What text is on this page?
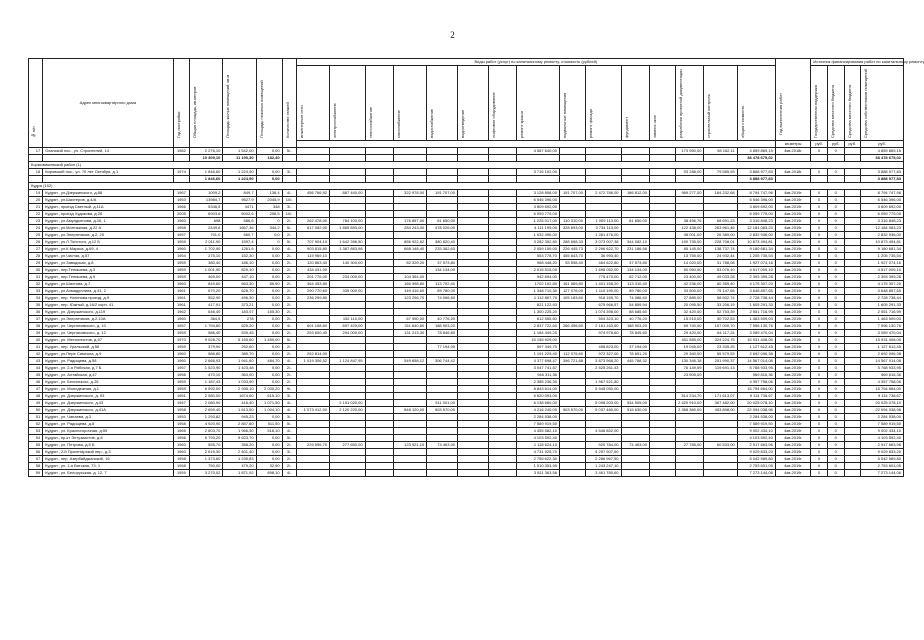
2
№ п/п	Адрес многоквартирного дома	Год постройки	Общая площадь, кв.метров	Площадь жилых помещений, кв.м	Площадь нежилых помещений	Количество этажей	Виды работ (услуг) по капитальному ремонту, стоимость (рублей)															Год выполнения работ	Источник финансирования работ по капитальному ремонту			

							инженерные сети	электроснабжение	теплоснабжение	газоснабжение	водоснабжение	водоотведение	лифтовое оборудование	ремонт крыши	подвальные помещения	ремонт фасада	фундамент	замена окон	разработка проектной документации	строительный контроль	общая стоимость		Государственная поддержка	Средства местного бюджета	Средства местного бюджета	Средства собственников помещений

																						кв.метры	руб.	руб.	руб.	руб.
17	Оханский пос., ул. Строителей, 14	1982	2 276,10	1 542,00	0,00	5/-								4 587 640,00					173 950,00	98 162,11	4 859 869,15	4кв.2018г	0	0		4 859 869,15
			10 309,10	11 190,30	182,40																38 478 675,02					38 478 675,02
Кормовишевский район (1)																										
18	Кировский пос., ул. 70 лет Октября, д.1	1974	1 846,60	1 224,90	0,00	3/-								3 715 102,00					93 288,00	79 585,93	3 888 977,83	4кв.2018г	0	0		3 888 977,83
			1 846,60	1 224,90	0,00																3 888 977,83					3 888 977,83
Кудра (152)																										
19	Кудрят., ул.Дзержинского, д.88	1967	1009,2	849,7	136,4	4/-	456 766,92	887 440,00		322 978,00	191 707,00			3 128 858,00	191 707,00	2 472 786,00	186 812,00		969 277,00	184 232,68	8 794 747,96	4кв.2019г	0	0		8 794 747,96
20	Кудрят., ул.Шахтеров, д.4/А	1953	13984,7	9527,9	2045,9	10/-								6 546 396,00							6 546 396,00	4кв.2019г	0	0		6 546 396,00
21	Кудрят., проезд Светлый, д.11А	1966	5346,5	4471	348	3/-								3 809 692,00							3 809 692,00	4кв.2019г	0	0		3 809 692,00
22	Кудрят., проезд Худякова, д.28	2005	6903,6	5002,6	256,5	10/-								6 059 779,00							6 059 779,00	4кв.2019г	0	0		6 059 779,00
23	Кудрят., ул.Амундсенова, д.16, 1	1960	698	586,6	0	2/-	262 478,00	784 100,00		176 857,00	81 650,00			1 225 017,00	110 310,00	1 009 113,00	81 650,00		38 456,76	68 691,23	3 316 848,23	4кв.2019г	0	0		3 316 848,23
24	Кудрят., ул.Монтажная, д.22 А	1958	2449,6	1667,36	344,2	5/-	817 082,00	1 865 893,00		284 243,00	478 026,00			4 111 199,00	328 693,00	3 734 113,00			122 438,00	263 961,46	12 184 083,23	4кв.2019г	0	0		12 184 083,23
25	Кудрят., ул.Энергетиков, д.2, 25	1957	701,0	560,7	0,0	2/-								1 632 496,00		1 281 476,00			38 001,00	26 389,00	2 832 936,00	4кв.2019г	0	0		2 832 936,00
26	Кудрят., ул.Л.Толстого, д.12 Б	1959	2 011,90	1597,4	0	5/-	707 904,10	1 642 396,50		856 922,62	380 820,40			3 282 352,80	288 698,33	3 073 007,38	344 082,10		190 735,00	228 708,01	10 873 494,81	4кв.2019г	0	0		10 873 494,81
27	Кудрят., ул.К.Маркса, д.69, 4	1960	1 702,90	1261,6	0,00	4/-	903 815,80	1 387 863,98		668 148,40	233 362,63			2 059 159,00	226 445,73	2 296 622,70	231 186,56		85 145,00	138 737,74	9 180 681,34	4кв.2019г	0	0		9 180 681,34
28	Кудрят., ул.Чистая, д.57	1954	275,10	152,30	0,00	2/-	119 969,10							553 778,70	455 843,70	36 993,40			13 755,00	24 932,44	1 205 735,54	4кв.2019г	0	0		1 205 735,54
29	Кудрят., ул.Заводская, д.8	1959	380,40	186,10	0,00	2/-	120 863,40	140 300,00		82 329,20	37 573,80			968 448,20	53 598,40	464 622,80	37 573,80		14 020,00	31 788,08	1 927 074,16	4кв.2019г	0	0		1 927 074,16
30	Кудрят., пер.Тенишева, д.3	1959	1 001,90	829,10	0,00	2/-	434 431,00				134 134,00			2 015 515,00		1 698 052,00	134 134,00		50 050,00	53 076,10	4 517 009,10	4кв.2019г	0	0		4 517 009,10
31	Кудрят., пер.Тенишева, д.9	1959	469,00	447,10	0,00	2/-	201 776,00	234 000,00		104 364,00				942 694,00		775 470,00	62 712,00		23 400,00	49 033,28	2 393 399,28	4кв.2019г	0	0		2 393 399,28
32	Кудрят., ул.Шахтова, д.7	1960	849,60	563,30	86,90	2/-	364 453,80			166 998,80	113 792,40			1702 102,80	161 569,80	1 401 158,20	113 310,40		42 236,00	80 359,40	4 175 307,20	4кв.2019г	0	0		4 175 307,20
33	Кудрят., ул.Ахмадуллина, д.41, 2	1961	670,20	628,70	0,00	2/-	290 770,60	335 000,00		149 416,60	89 780,00			1 348 710,30	127 076,00	1 110 190,00	89 780,00		33 500,00	75 147,65	3 648 857,65	4кв.2019г	0	0		3 648 857,65
34	Кудрят., пер. Нагинова.проезд, д.9	1961	552,90	496,30	0,00	2/-	236 299,80			123 296,70	74 066,60			1 112 867,70	105 183,60	918 155,70	74 086,60		27 885,00	58 502,74	2 728 738,44	4кв.2019г	0	0		2 728 738,44
35	Кудрят., пер. Южный, д.16/2 корп. 41	1961	417,91	373,21	0,00	2/-								821 122,93		675 966,57	54 859,94		20 095,50	33 206,19	1 605 291,33	4кв.2019г	0	0		1 605 291,33
36	Кудрят., ул. Дзержинского, д.119	1962	646,40	183,07	155,30	2/-								1 300 225,20		1 074 398,00	88 685,60		32 420,00	52 753,39	2 551 716,99	4кв.2019г	0	0		2 551 716,99
37	Кудрят., ул.Энергетиков, д.2.10А	1960	364,5	278	0,00	2/-		152 110,00		67 950,00	40 776,20			612 555,60		504 323,10	40 776,20		15 215,00	30 702,53	1 463 509,03	4кв.2019г	0	0		1 463 509,03
38	Кудрят., ул. Черняховского, д. 10	1957	1 794,80	625,20	0,00	4/-	601 158,60	697 420,00		311 640,60	188 903,20			2 837 722,60	266 496,60	2 161 163,60	188 903,20		69 740,00	157 000,70	7 596 130,76	4кв.2019г	0	0		7 596 130,76
39	Кудрят., ул. Черняховского, д. 12	1959	586,40	539,45	0,00	2/-	253 600,40	294 000,00		131 213,30	78 846,60			1 184 449,20		974 978,60	78 845,60		29 420,00	64 117,24	3 089 470,04	4кв.2019г	0	0		3 089 470,04
40	Кудрят., ул. Металлистов, д.67	1970	9 028,70	5 155,60	1 450,00	5/-								15 155 929,00					451 585,00	324 224,75	15 931 408,05	4кв.2019г	0	0		15 931 408,05
41	Кудрят., пер. Уральский, д.56	1959	379,90	252,60	0,00	2/-					77 194,05			597 349,75		458 823,00	37 194,00		19 045,00	23 335,25	1 127 612,45	4кв.2019г	0	0		1 127 612,45
42	Кудрят., ул.Пере Симсона, д.9	1960	586,80	385,70	0,00	2/-	252 814,00							1 191 229,40	112 075,60	972 327,00	78 651,20		29 340,00	55 579,53	2 692 096,38	4кв.2019г	0	0		2 692 096,38
43	Кудрят., ул. Радищева, д.58	1960	2 666,93	1 941,60	484,70	4/-	1 019 306,52	1 124 847,95		549 658,12	306 744,42			4 377 698,47	396 721,88	3 873 968,20	445 788,32		130 346,18	251 990,37	14 567 014,08	4кв.2019г	0	0		14 567 014,08
44	Кудрят., ул. 2-я Рабочая, д.7 Б	1957	1 523,90	1 423,48	0,00	2/-								3 047 741,87		2 525 261,43			76 149,59	119 691,13	5 768 933,95	4кв.2019г	0	0		5 768 933,95
45	Кудрят., ул. Алтайская, д.47	1956	470,10	363,00	0,00	2/-								946 311,36					23 505,00		969 816,36	4кв.2019г	0	0		969 816,36
46	Кудрят., ул. Белинского, д.25	1959	1 187,43	1 033,90	0,00	2/-								2 385 236,30		1 967 521,80					4 357 758,06	4кв.2019г	0	0		4 357 758,06
47	Кудрят., ул. Молодежная, д.1	1959	6 992,00	2 935,10	2 000,20	9/-								8 843 614,00		5 945 050,00					15 794 664,00	4кв.2019г	0	0		15 794 664,00
48	Кудрят., ул. Дзержинского, д. 93	1951	2 580,00	1674,60	615,10	3/-								6 620 093,00					514 234,70	171 613,07	9 114 738,67	4кв.2019г	0	0		9 114 738,67
49	Кудрят., ул. Дзержинского, д.43	1947	2 080,90	416,40	1 071,50	4/-		2 151 020,00			511 001,00			6 138 660,00		5 098 203,00	534 505,00		2 420 910,00	367 482,00	20 025 078,10	4кв.2019г	0	0		20 025 078,10
50	Кудрят., ул. Дзержинского, д.41А	1958	2 659,40	1 613,50	1 004,10	4/-	1 073 412,00	2 120 220,00		848 120,00	503 570,00			4 216 240,00	503 570,00	5 037 480,00	515 630,00		2 358 360,00	453 898,00	22 094 038,98	4кв.2019г	0	0		22 094 038,98
51	Кудрят., ул. Чапаева, д.3	1953	1 293,82	945,23	0,00	3/-								2 284 538,00							2 284 538,00	4кв.2019г	0	0		2 284 538,00
52	Кудрят., ул. Радищева, д.8	1958	4 920,90	2 857,60	511,50	5/-								7 589 919,50							7 589 919,50	4кв.2019г	0	0		7 589 919,50
53	Кудрят., ул. Красногорочная, д.59	1965	2 603,70	1 966,30	516,10	4/-								4 455 582,10		4 546 852,00					9 002 434,10	4кв.2019г	0	0		9 002 434,10
54	Кудрят., пр-кт Энтузиастов, д.8	1956	6 793,20	5 623,70	0,00	5/-								4 103 592,40							4 103 592,40	4кв.2019г	0	0		4 103 592,40
55	Кудрят., ул. Петрова, д.5 Б	1960	555,70	358,20	0,00	2/-	229 596,70	277 650,00		123 921,10	74 463,00			1 118 624,10		920 784,00	74 463,00		27 785,00	60 533,00	2 917 663,96	4кв.2019г	0	0		2 917 663,96
56	Кудрят., 2-й Пролетарский пер., д.3	1960	2 619,30	2 401,40	0,00	3/-								4 731 925,70		4 297 907,50					9 029 833,20	4кв.2019г	0	0		9 029 833,20
57	Кудрят., пер. Азербайджанский, 16	1958	1 373,60	1 235,83	0,00	2/-								2 755 622,30		2 286 967,50					5 042 589,80	4кв.2019г	0	0		5 042 589,80
58	Кудрят., ул. 1-я Вятская, 73, 1	1958	750,00	479,20	32,90	2/-								1 510 353,95		1 243 247,10					2 753 601,05	4кв.2019г	0	0		2 753 601,05
59	Кудрят., ул. Белорусская, д. 12, 7	1959	3 270,02	1 871,92	898,10	4/-								3 811 363,56		3 461 780,60					7 273 144,06	4кв.2019г	0	0		7 273 144,06
